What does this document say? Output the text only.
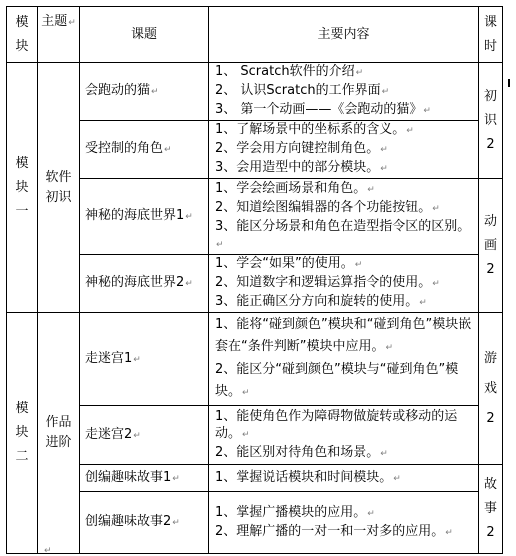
模块	主题↵	课题	主要内容	课时
模块一	软件初识	会跑动的猫↵	1、 Scratch软件的介绍↵
2、 认识Scratch的工作界面↵
3、 第一个动画——《会跑动的猫》↵	初识 2
		受控制的角色↵	1、了解场景中的坐标系的含义。↵
2、学会用方向键控制角色。↵
3、会用造型中的部分模块。↵	

		神秘的海底世界1↵	1、学会绘画场景和角色。↵
2、知道绘图编辑器的各个功能按钮。↵
3、能区分场景和角色在造型指令区的区别。↵	动画 2
		神秘的海底世界2↵	1、学会“如果”的使用。↵
2、知道数字和逻辑运算指令的使用。↵
3、能正确区分方向和旋转的使用。↵	

模块二	作品进阶	走迷宫1↵	1、能将“碰到颜色”模块和“碰到角色”模块嵌套在“条件判断”模块中应用。↵
2、能区分“碰到颜色”模块与“碰到角色”模块。↵	游戏 2
		走迷宫2↵	1、能使角色作为障碍物做旋转或移动的运动。↵
2、能区别对待角色和场景。↵	

		创编趣味故事1↵	1、掌握说话模块和时间模块。↵	故事 2
		创编趣味故事2↵	1、掌握广播模块的应用。↵
2、理解广播的一对一和一对多的应用。↵	
↵
